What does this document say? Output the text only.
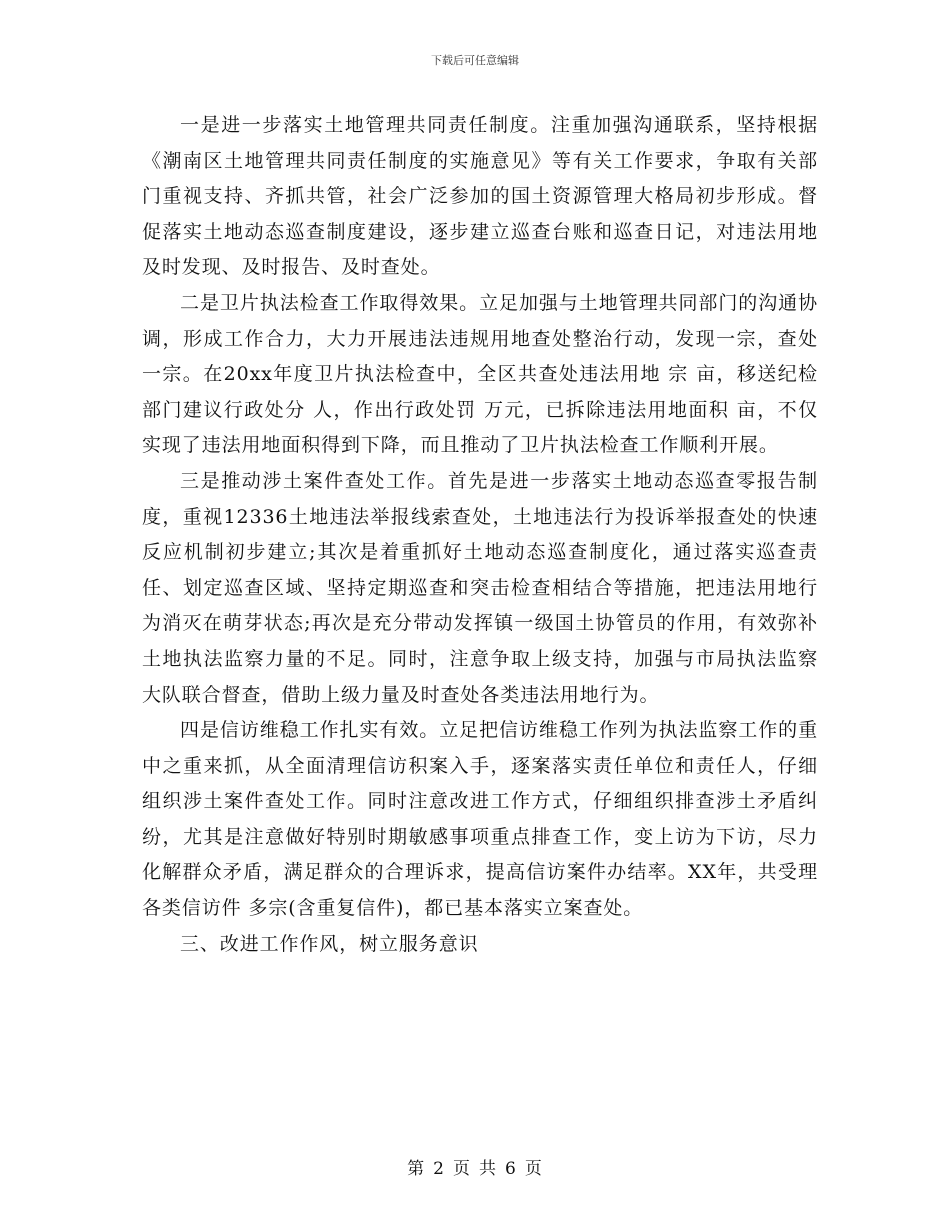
下载后可任意编辑

一是进一步落实土地管理共同责任制度。注重加强沟通联系，坚持根据《潮南区土地管理共同责任制度的实施意见》等有关工作要求，争取有关部门重视支持、齐抓共管，社会广泛参加的国土资源管理大格局初步形成。督促落实土地动态巡查制度建设，逐步建立巡查台账和巡查日记，对违法用地及时发现、及时报告、及时查处。

二是卫片执法检查工作取得效果。立足加强与土地管理共同部门的沟通协调，形成工作合力，大力开展违法违规用地查处整治行动，发现一宗，查处一宗。在20xx年度卫片执法检查中，全区共查处违法用地 宗 亩，移送纪检部门建议行政处分 人，作出行政处罚 万元，已拆除违法用地面积 亩，不仅实现了违法用地面积得到下降，而且推动了卫片执法检查工作顺利开展。

三是推动涉土案件查处工作。首先是进一步落实土地动态巡查零报告制度，重视12336土地违法举报线索查处，土地违法行为投诉举报查处的快速反应机制初步建立;其次是着重抓好土地动态巡查制度化，通过落实巡查责任、划定巡查区域、坚持定期巡查和突击检查相结合等措施，把违法用地行为消灭在萌芽状态;再次是充分带动发挥镇一级国土协管员的作用，有效弥补土地执法监察力量的不足。同时，注意争取上级支持，加强与市局执法监察大队联合督查，借助上级力量及时查处各类违法用地行为。

四是信访维稳工作扎实有效。立足把信访维稳工作列为执法监察工作的重中之重来抓，从全面清理信访积案入手，逐案落实责任单位和责任人，仔细组织涉土案件查处工作。同时注意改进工作方式，仔细组织排查涉土矛盾纠纷，尤其是注意做好特别时期敏感事项重点排查工作，变上访为下访，尽力化解群众矛盾，满足群众的合理诉求，提高信访案件办结率。XX年，共受理各类信访件 多宗(含重复信件)，都已基本落实立案查处。

三、改进工作作风，树立服务意识

第 2 页 共 6 页
